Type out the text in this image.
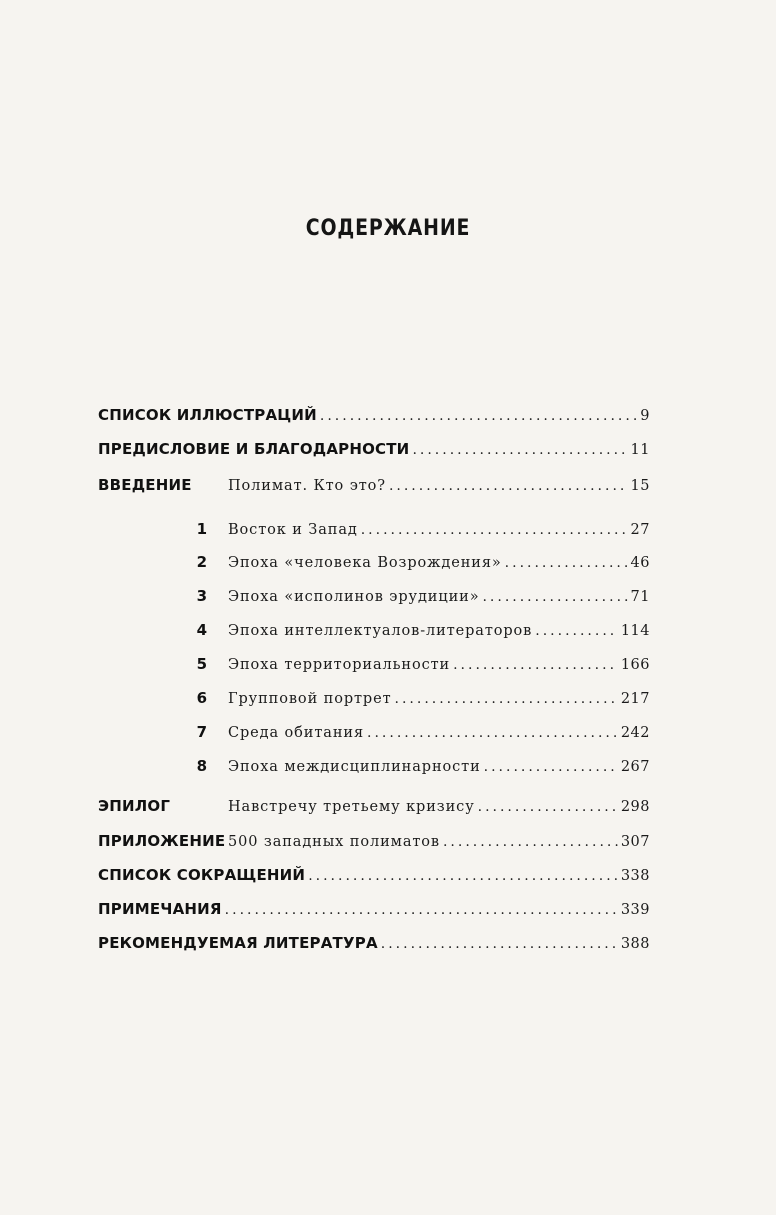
СОДЕРЖАНИЕ
СПИСОК ИЛЛЮСТРАЦИЙ .....	9
ПРЕДИСЛОВИЕ И БЛАГОДАРНОСТИ .....	11
ВВЕДЕНИЕ	Полимат. Кто это? .....	15
1	Восток и Запад .....	27
2	Эпоха «человека Возрождения» .....	46
3	Эпоха «исполинов эрудиции» .....	71
4	Эпоха интеллектуалов-литераторов .....	114
5	Эпоха территориальности .....	166
6	Групповой портрет .....	217
7	Среда обитания .....	242
8	Эпоха междисциплинарности .....	267
ЭПИЛОГ	Навстречу третьему кризису .....	298
ПРИЛОЖЕНИЕ 500 западных полиматов .....	307
СПИСОК СОКРАЩЕНИЙ .....	338
ПРИМЕЧАНИЯ .....	339
РЕКОМЕНДУЕМАЯ ЛИТЕРАТУРА .....	388
